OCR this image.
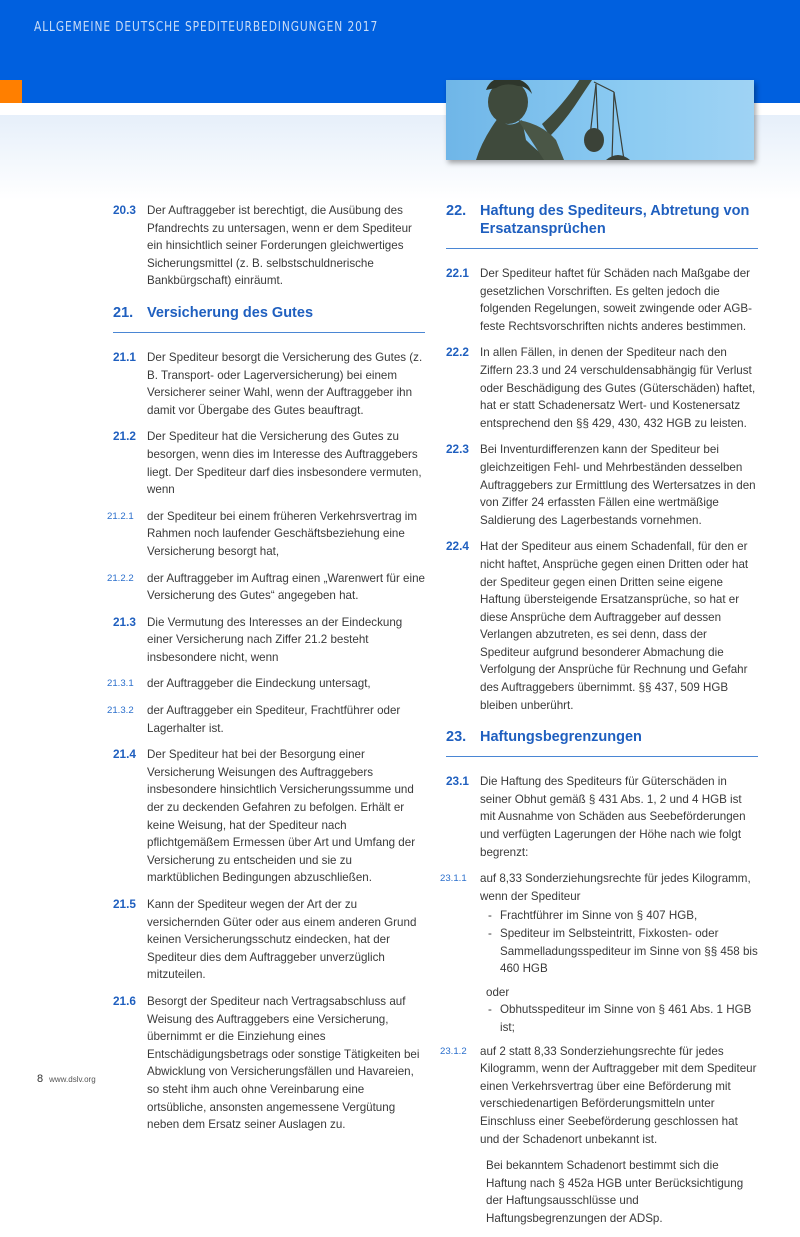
ALLGEMEINE DEUTSCHE SPEDITEURBEDINGUNGEN 2017
20.3 Der Auftraggeber ist berechtigt, die Ausübung des Pfandrechts zu untersagen, wenn er dem Spediteur ein hinsichtlich seiner Forderungen gleichwertiges Sicherungsmittel (z. B. selbstschuldnerische Bankbürgschaft) einräumt.
21. Versicherung des Gutes
21.1 Der Spediteur besorgt die Versicherung des Gutes (z. B. Transport- oder Lagerversicherung) bei einem Versicherer seiner Wahl, wenn der Auftraggeber ihn damit vor Übergabe des Gutes beauftragt.
21.2 Der Spediteur hat die Versicherung des Gutes zu besorgen, wenn dies im Interesse des Auftraggebers liegt. Der Spediteur darf dies insbesondere vermuten, wenn
21.2.1	der Spediteur bei einem früheren Verkehrsvertrag im Rahmen noch laufender Geschäftsbeziehung eine Versicherung besorgt hat,
21.2.2	der Auftraggeber im Auftrag einen „Warenwert für eine Versicherung des Gutes“ angegeben hat.
21.3 Die Vermutung des Interesses an der Eindeckung einer Versicherung nach Ziffer 21.2 besteht insbesondere nicht, wenn
21.3.1	der Auftraggeber die Eindeckung untersagt,
21.3.2	der Auftraggeber ein Spediteur, Frachtführer oder Lagerhalter ist.
21.4 Der Spediteur hat bei der Besorgung einer Versicherung Weisungen des Auftraggebers insbesondere hinsichtlich Versicherungssumme und der zu deckenden Gefahren zu befolgen. Erhält er keine Weisung, hat der Spediteur nach pflichtgemäßem Ermessen über Art und Umfang der Versicherung zu entscheiden und sie zu marktüblichen Bedingungen abzuschließen.
21.5 Kann der Spediteur wegen der Art der zu versichernden Güter oder aus einem anderen Grund keinen Versicherungsschutz eindecken, hat der Spediteur dies dem Auftraggeber unverzüglich mitzuteilen.
21.6 Besorgt der Spediteur nach Vertragsabschluss auf Weisung des Auftraggebers eine Versicherung, übernimmt er die Einziehung eines Entschädigungsbetrags oder sonstige Tätigkeiten bei Abwicklung von Versicherungsfällen und Havareien, so steht ihm auch ohne Vereinbarung eine ortsübliche, ansonsten angemessene Vergütung neben dem Ersatz seiner Auslagen zu.
22. Haftung des Spediteurs, Abtretung von Ersatzansprüchen
22.1 Der Spediteur haftet für Schäden nach Maßgabe der gesetzlichen Vorschriften. Es gelten jedoch die folgenden Regelungen, soweit zwingende oder AGB-feste Rechtsvorschriften nichts anderes bestimmen.
22.2 In allen Fällen, in denen der Spediteur nach den Ziffern 23.3 und 24 verschuldensabhängig für Verlust oder Beschädigung des Gutes (Güterschäden) haftet, hat er statt Schadenersatz Wert- und Kostenersatz entsprechend den §§ 429, 430, 432 HGB zu leisten.
22.3 Bei Inventurdifferenzen kann der Spediteur bei gleichzeitigen Fehl- und Mehrbeständen desselben Auftraggebers zur Ermittlung des Wertersatzes in den von Ziffer 24 erfassten Fällen eine wertmäßige Saldierung des Lagerbestands vornehmen.
22.4 Hat der Spediteur aus einem Schadenfall, für den er nicht haftet, Ansprüche gegen einen Dritten oder hat der Spediteur gegen einen Dritten seine eigene Haftung übersteigende Ersatzansprüche, so hat er diese Ansprüche dem Auftraggeber auf dessen Verlangen abzutreten, es sei denn, dass der Spediteur aufgrund besonderer Abmachung die Verfolgung der Ansprüche für Rechnung und Gefahr des Auftraggebers übernimmt. §§ 437, 509 HGB bleiben unberührt.
23. Haftungsbegrenzungen
23.1 Die Haftung des Spediteurs für Güterschäden in seiner Obhut gemäß § 431 Abs. 1, 2 und 4 HGB ist mit Ausnahme von Schäden aus Seebeförderungen und verfügten Lagerungen der Höhe nach wie folgt begrenzt:
23.1.1	auf 8,33 Sonderziehungsrechte für jedes Kilogramm, wenn der Spediteur
- Frachtführer im Sinne von § 407 HGB,
- Spediteur im Selbsteintritt, Fixkosten- oder Sammelladungsspediteur im Sinne von §§ 458 bis 460 HGB
oder
- Obhutsspediteur im Sinne von § 461 Abs. 1 HGB ist;
23.1.2	auf 2 statt 8,33 Sonderziehungsrechte für jedes Kilogramm, wenn der Auftraggeber mit dem Spediteur einen Verkehrsvertrag über eine Beförderung mit verschiedenartigen Beförderungsmitteln unter Einschluss einer Seebeförderung geschlossen hat und der Schadenort unbekannt ist.
Bei bekanntem Schadenort bestimmt sich die Haftung nach § 452a HGB unter Berücksichtigung der Haftungsausschlüsse und Haftungsbegrenzungen der ADSp.
8 www.dslv.org
